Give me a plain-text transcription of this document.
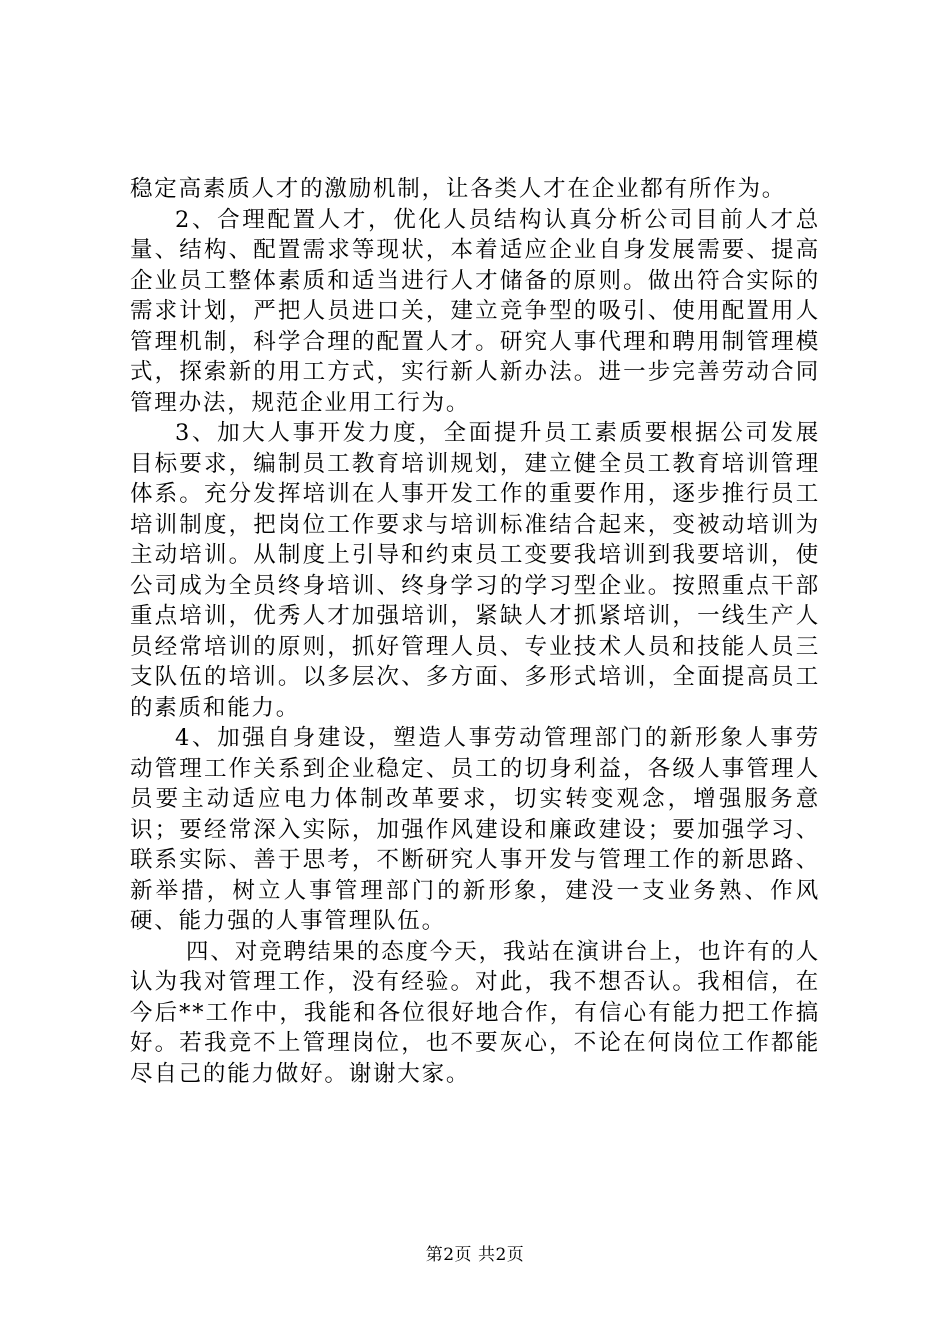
稳定高素质人才的激励机制，让各类人才在企业都有所作为。

2、合理配置人才，优化人员结构认真分析公司目前人才总量、结构、配置需求等现状，本着适应企业自身发展需要、提高企业员工整体素质和适当进行人才储备的原则。做出符合实际的需求计划，严把人员进口关，建立竞争型的吸引、使用配置用人管理机制，科学合理的配置人才。研究人事代理和聘用制管理模式，探索新的用工方式，实行新人新办法。进一步完善劳动合同管理办法，规范企业用工行为。

3、加大人事开发力度，全面提升员工素质要根据公司发展目标要求，编制员工教育培训规划，建立健全员工教育培训管理体系。充分发挥培训在人事开发工作的重要作用，逐步推行员工培训制度，把岗位工作要求与培训标准结合起来，变被动培训为主动培训。从制度上引导和约束员工变要我培训到我要培训，使公司成为全员终身培训、终身学习的学习型企业。按照重点干部重点培训，优秀人才加强培训，紧缺人才抓紧培训，一线生产人员经常培训的原则，抓好管理人员、专业技术人员和技能人员三支队伍的培训。以多层次、多方面、多形式培训，全面提高员工的素质和能力。

4、加强自身建设，塑造人事劳动管理部门的新形象人事劳动管理工作关系到企业稳定、员工的切身利益，各级人事管理人员要主动适应电力体制改革要求，切实转变观念，增强服务意识；要经常深入实际，加强作风建设和廉政建设；要加强学习、联系实际、善于思考，不断研究人事开发与管理工作的新思路、新举措，树立人事管理部门的新形象，建没一支业务熟、作风硬、能力强的人事管理队伍。

四、对竞聘结果的态度今天，我站在演讲台上，也许有的人认为我对管理工作，没有经验。对此，我不想否认。我相信，在今后**工作中，我能和各位很好地合作，有信心有能力把工作搞好。若我竞不上管理岗位，也不要灰心，不论在何岗位工作都能尽自己的能力做好。谢谢大家。

第2页 共2页
